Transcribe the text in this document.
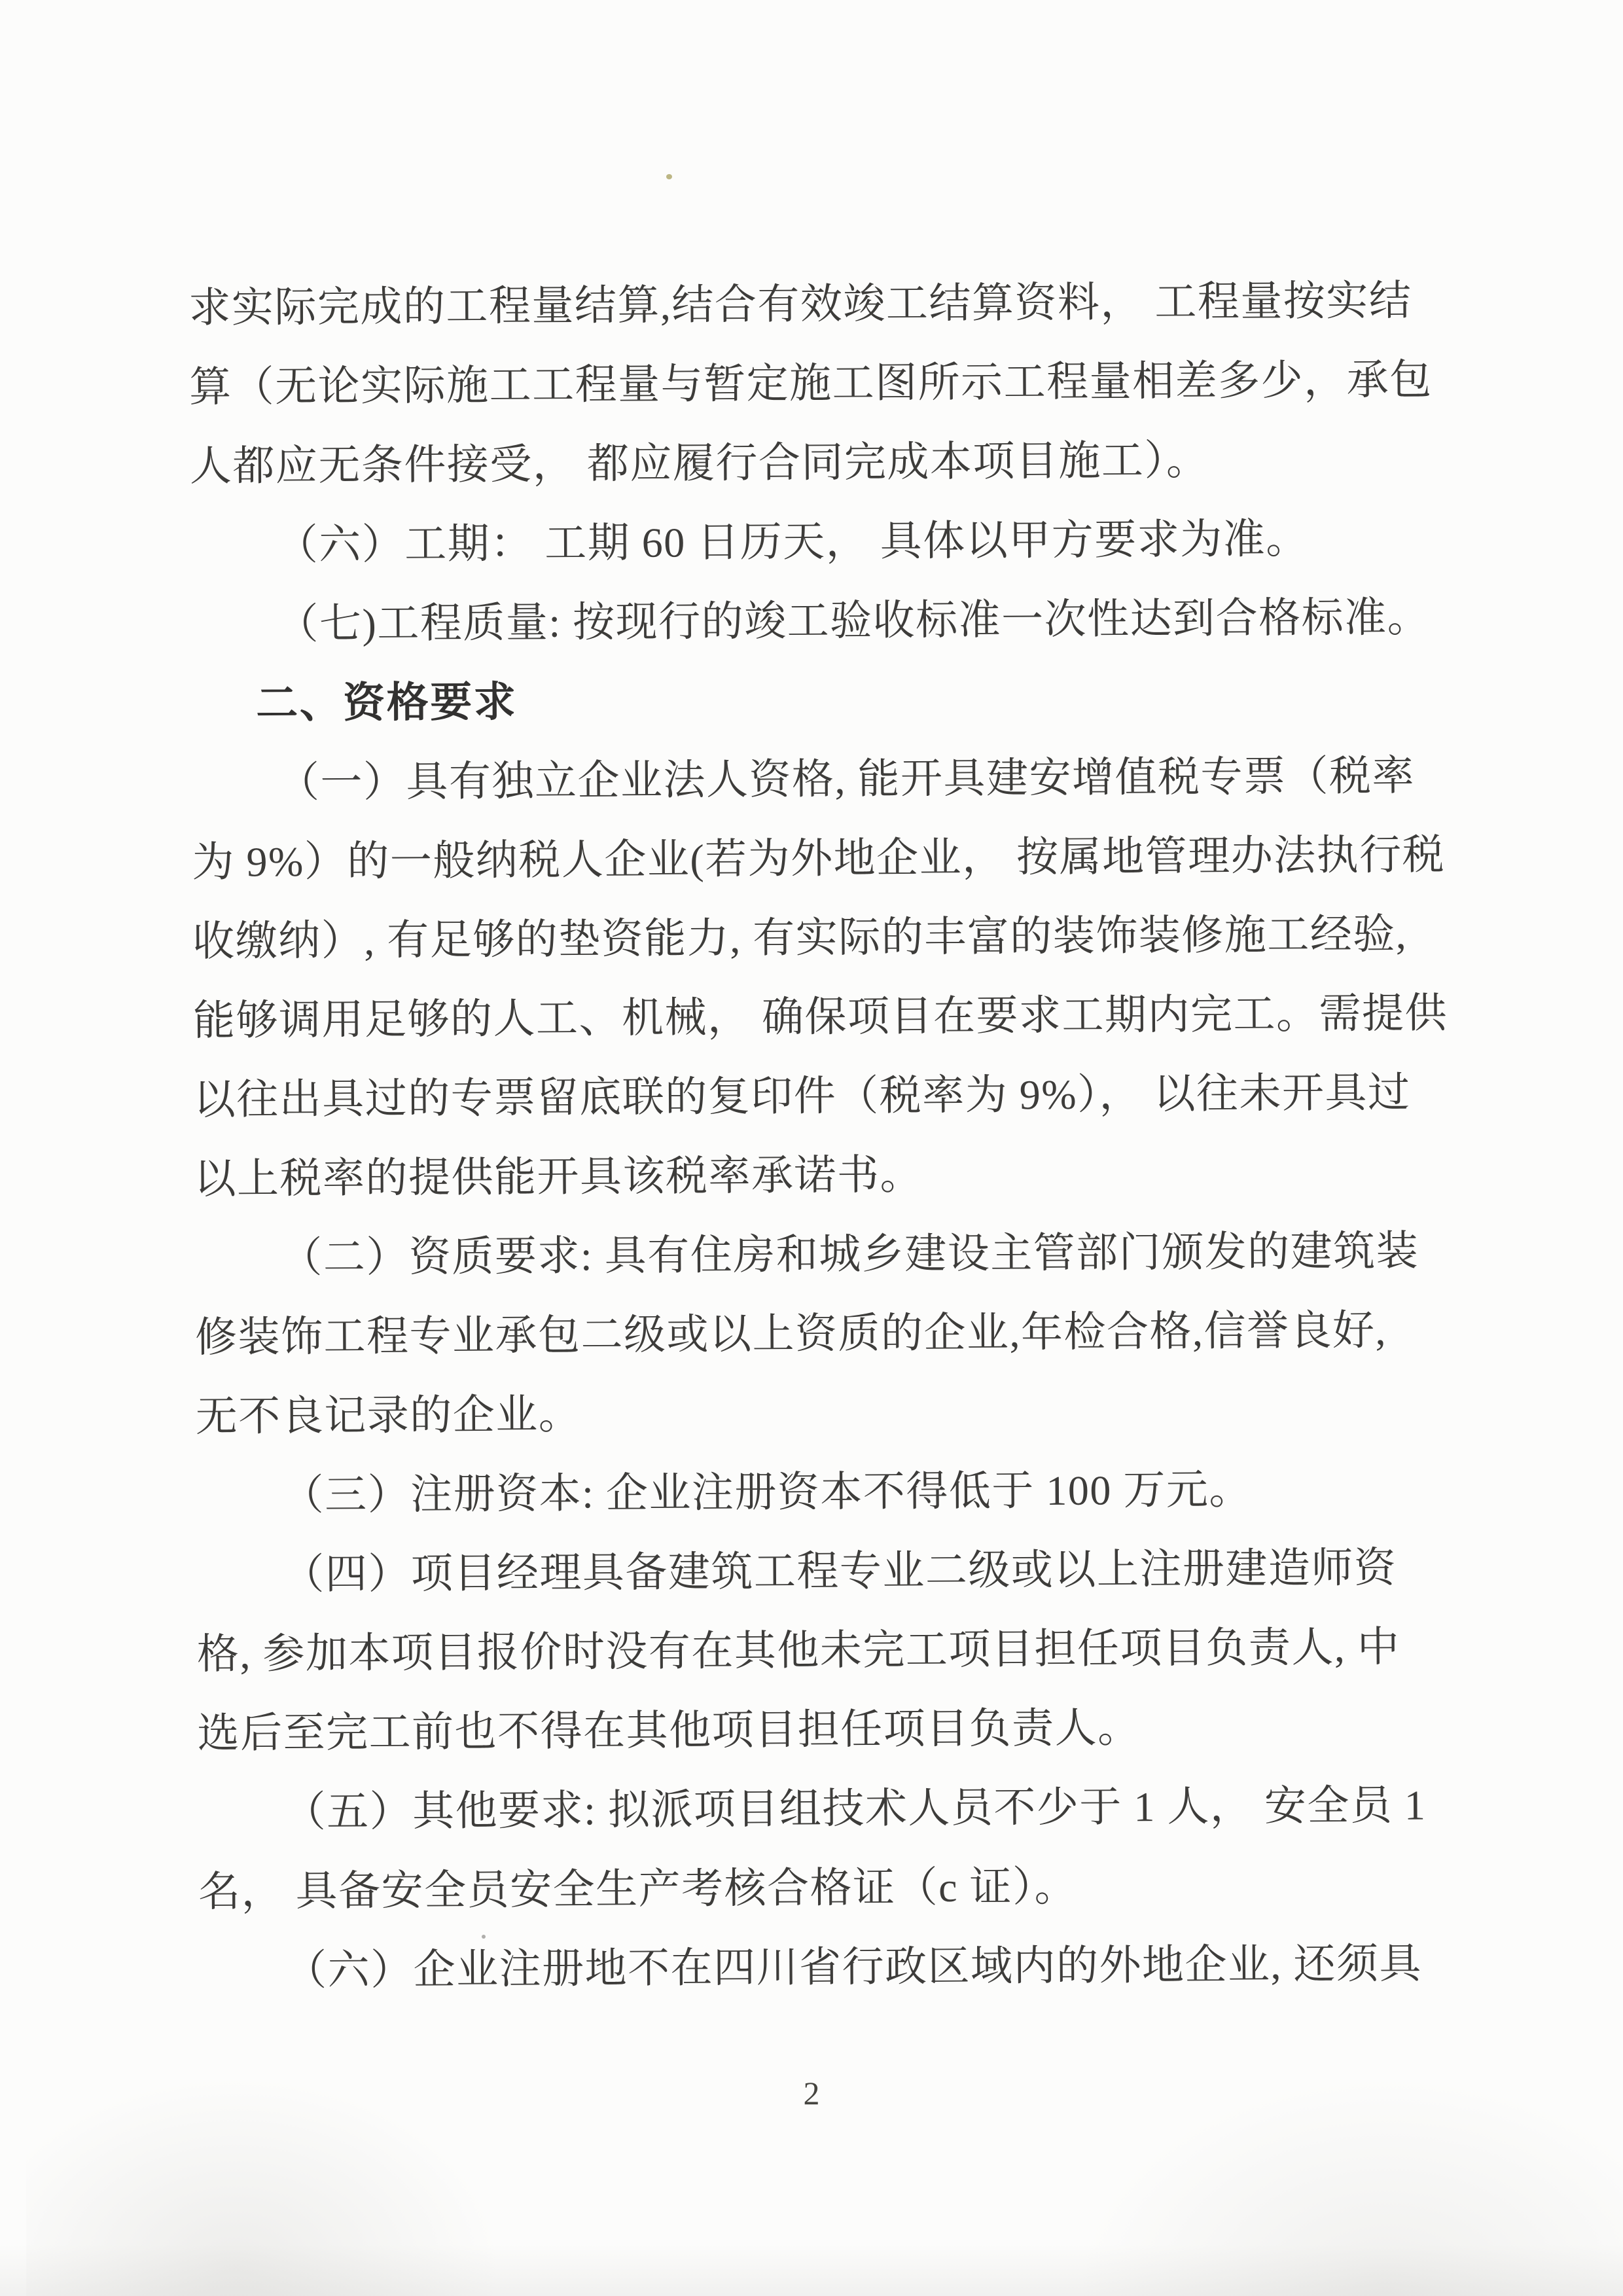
求实际完成的工程量结算,结合有效竣工结算资料， 工程量按实结
算（无论实际施工工程量与暂定施工图所示工程量相差多少，承包
人都应无条件接受， 都应履行合同完成本项目施工）。
（六）工期： 工期 60 日历天， 具体以甲方要求为准。
（七)工程质量: 按现行的竣工验收标准一次性达到合格标准。
二、资格要求
（一）具有独立企业法人资格, 能开具建安增值税专票（税率
为 9%）的一般纳税人企业(若为外地企业， 按属地管理办法执行税
收缴纳）, 有足够的垫资能力, 有实际的丰富的装饰装修施工经验,
能够调用足够的人工、机械， 确保项目在要求工期内完工。需提供
以往出具过的专票留底联的复印件（税率为 9%）， 以往未开具过
以上税率的提供能开具该税率承诺书。
（二）资质要求: 具有住房和城乡建设主管部门颁发的建筑装
修装饰工程专业承包二级或以上资质的企业,年检合格,信誉良好,
无不良记录的企业。
（三）注册资本: 企业注册资本不得低于 100 万元。
（四）项目经理具备建筑工程专业二级或以上注册建造师资
格, 参加本项目报价时没有在其他未完工项目担任项目负责人, 中
选后至完工前也不得在其他项目担任项目负责人。
（五）其他要求: 拟派项目组技术人员不少于 1 人， 安全员 1
名， 具备安全员安全生产考核合格证（c 证）。
（六）企业注册地不在四川省行政区域内的外地企业, 还须具
2
